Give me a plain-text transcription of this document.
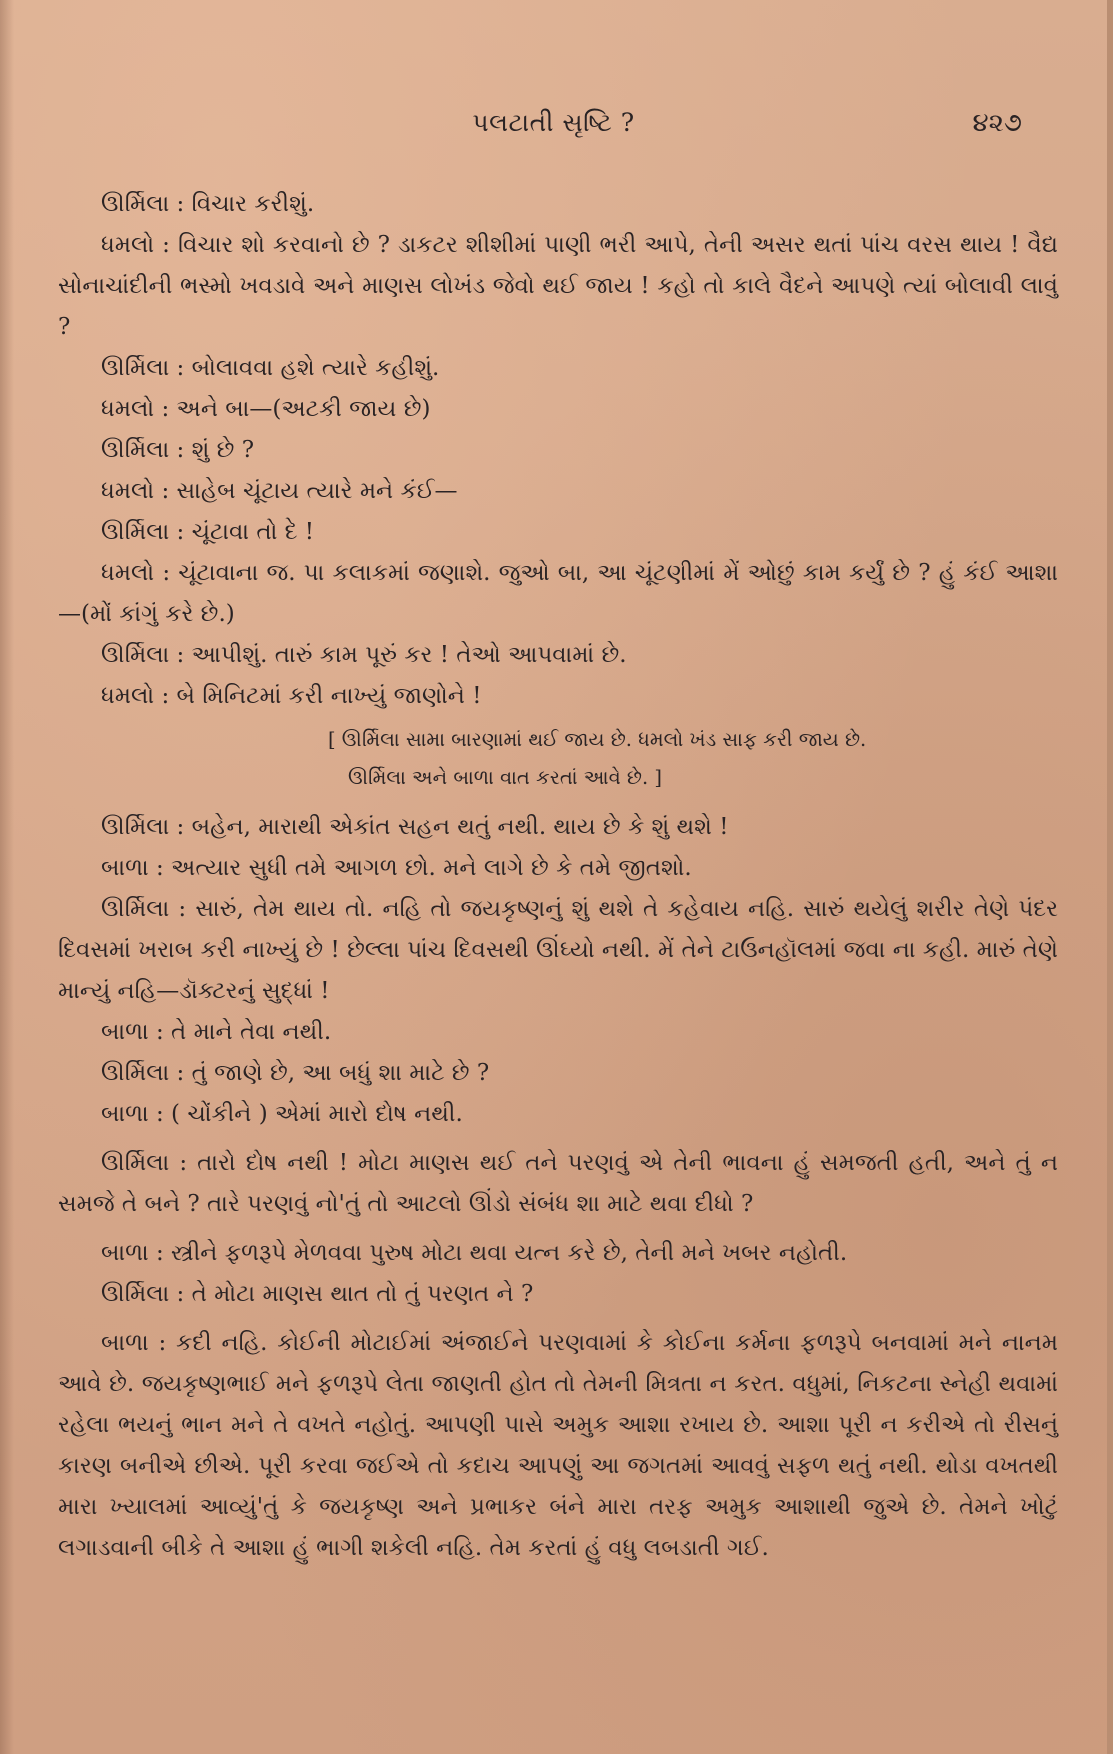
પલટાતી સૃષ્ટિ ?	૪૨૭

ઊર્મિલા : વિચાર કરીશું.

ધમલો : વિચાર શો કરવાનો છે ? ડાકટર શીશીમાં પાણી ભરી આપે, તેની અસર થતાં પાંચ વરસ થાય ! વૈદ્ય સોનાચાંદીની ભસ્મો ખવડાવે અને માણસ લોખંડ જેવો થઈ જાય ! કહો તો કાલે વૈદને આપણે ત્યાં બોલાવી લાવું ?

ઊર્મિલા : બોલાવવા હશે ત્યારે કહીશું.

ધમલો : અને બા—(અટકી જાય છે)

ઊર્મિલા : શું છે ?

ધમલો : સાહેબ ચૂંટાય ત્યારે મને કંઈ—

ઊર્મિલા : ચૂંટાવા તો દે !

ધમલો : ચૂંટાવાના જ. પા કલાકમાં જણાશે. જુઓ બા, આ ચૂંટણીમાં મેં ઓછું કામ કર્યું છે ? હું કંઈ આશા—(મોં કાંગું કરે છે.)

ઊર્મિલા : આપીશું. તારું કામ પૂરું કર ! તેઓ આપવામાં છે.

ધમલો : બે મિનિટમાં કરી નાખ્યું જાણોને !

[ ઊર્મિલા સામા બારણામાં થઈ જાય છે. ધમલો ખંડ સાફ કરી જાય છે.

ઊર્મિલા અને બાળા વાત કરતાં આવે છે. ]

ઊર્મિલા : બહેન, મારાથી એકાંત સહન થતું નથી. થાય છે કે શું થશે !

બાળા : અત્યાર સુધી તમે આગળ છો. મને લાગે છે કે તમે જીતશો.

ઊર્મિલા : સારું, તેમ થાય તો. નહિ તો જયકૃષ્ણનું શું થશે તે કહેવાય નહિ. સારું થયેલું શરીર તેણે પંદર દિવસમાં ખરાબ કરી નાખ્યું છે ! છેલ્લા પાંચ દિવસથી ઊંઘ્યો નથી. મેં તેને ટાઉનહૉલમાં જવા ના કહી. મારું તેણે માન્યું નહિ—ડૉક્ટરનું સુદ્ધાં !

બાળા : તે માને તેવા નથી.

ઊર્મિલા : તું જાણે છે, આ બધું શા માટે છે ?

બાળા : ( ચોંકીને ) એમાં મારો દોષ નથી.

ઊર્મિલા : તારો દોષ નથી ! મોટા માણસ થઈ તને પરણવું એ તેની ભાવના હું સમજતી હતી, અને તું ન સમજે તે બને ? તારે પરણવું નો'તું તો આટલો ઊંડો સંબંધ શા માટે થવા દીધો ?

બાળા : સ્ત્રીને ફળરૂપે મેળવવા પુરુષ મોટા થવા યત્ન કરે છે, તેની મને ખબર નહોતી.

ઊર્મિલા : તે મોટા માણસ થાત તો તું પરણત ને ?

બાળા : કદી નહિ. કોઈની મોટાઈમાં અંજાઈને પરણવામાં કે કોઈના કર્મના ફળરૂપે બનવામાં મને નાનમ આવે છે. જયકૃષ્ણભાઈ મને ફળરૂપે લેતા જાણતી હોત તો તેમની મિત્રતા ન કરત. વધુમાં, નિકટના સ્નેહી થવામાં રહેલા ભયનું ભાન મને તે વખતે નહોતું. આપણી પાસે અમુક આશા રખાય છે. આશા પૂરી ન કરીએ તો રીસનું કારણ બનીએ છીએ. પૂરી કરવા જઈએ તો કદાચ આપણું આ જગતમાં આવવું સફળ થતું નથી. થોડા વખતથી મારા ખ્યાલમાં આવ્યું'તું કે જયકૃષ્ણ અને પ્રભાકર બંને મારા તરફ અમુક આશાથી જુએ છે. તેમને ખોટું લગાડવાની બીકે તે આશા હું ભાગી શકેલી નહિ. તેમ કરતાં હું વધુ લબડાતી ગઈ.
